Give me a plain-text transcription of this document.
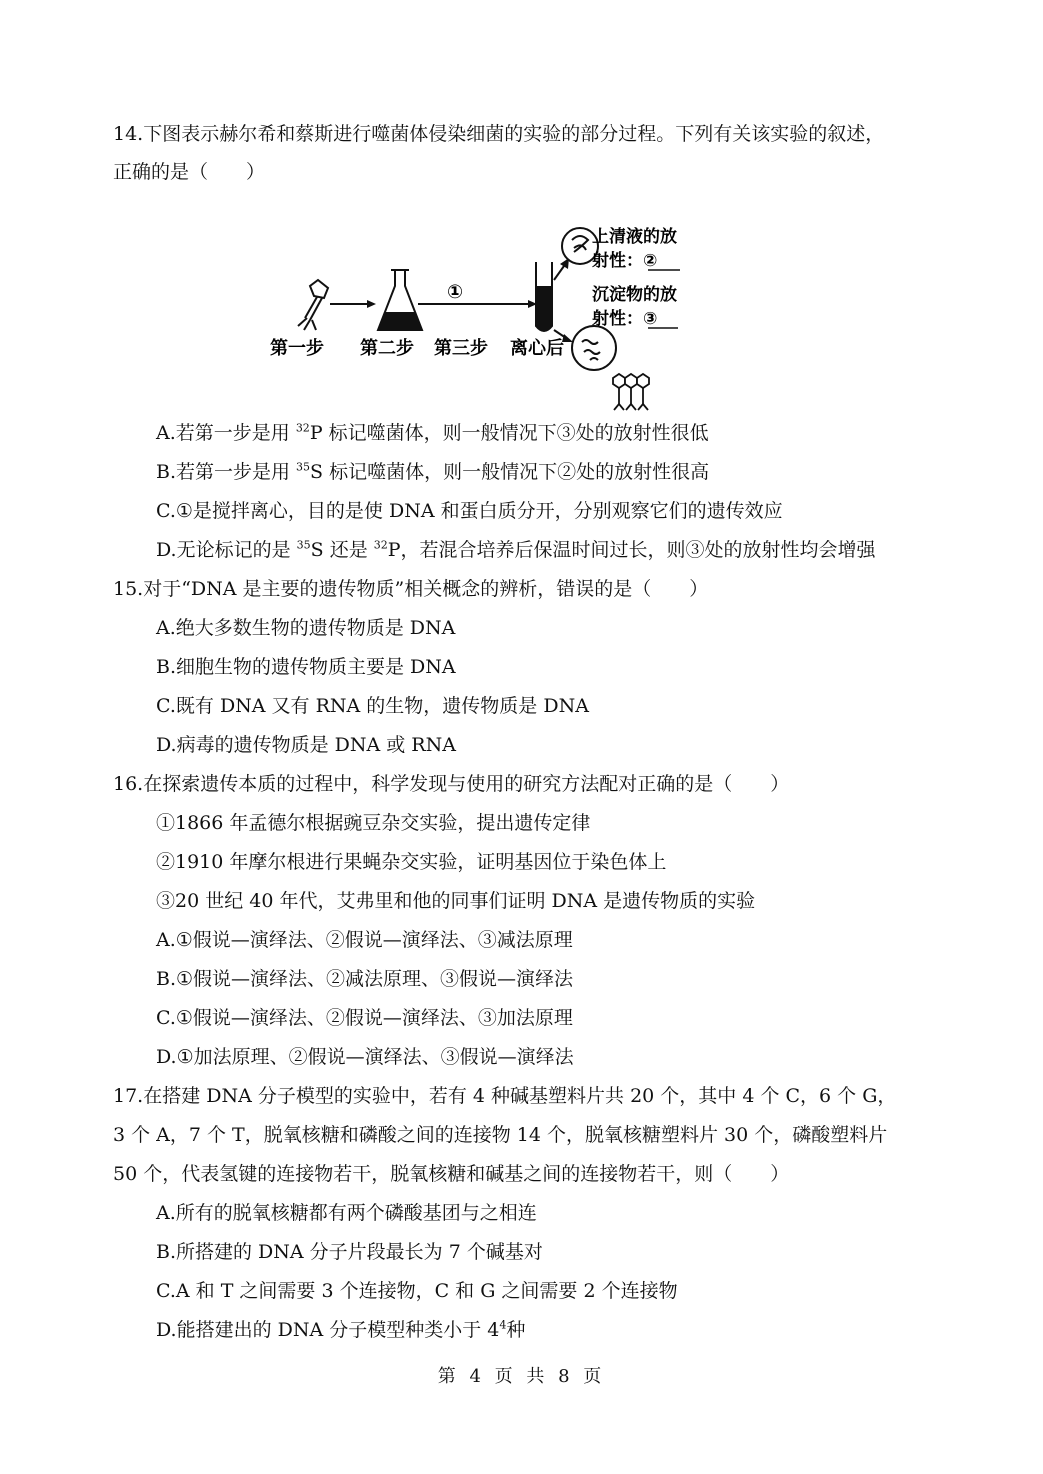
14.下图表示赫尔希和蔡斯进行噬菌体侵染细菌的实验的部分过程。下列有关该实验的叙述，
正确的是（　　）
①
第一步 第二步 第三步 离心后
上清液的放
射性：②
沉淀物的放
射性：③
A.若第一步是用 $^{32}$P 标记噬菌体，则一般情况下③处的放射性很低
B.若第一步是用 $^{35}$S 标记噬菌体，则一般情况下②处的放射性很高
C.①是搅拌离心，目的是使 DNA 和蛋白质分开，分别观察它们的遗传效应
D.无论标记的是 $^{35}$S 还是 $^{32}$P，若混合培养后保温时间过长，则③处的放射性均会增强
15.对于“DNA 是主要的遗传物质”相关概念的辨析，错误的是（　　）
A.绝大多数生物的遗传物质是 DNA
B.细胞生物的遗传物质主要是 DNA
C.既有 DNA 又有 RNA 的生物，遗传物质是 DNA
D.病毒的遗传物质是 DNA 或 RNA
16.在探索遗传本质的过程中，科学发现与使用的研究方法配对正确的是（　　）
①1866 年孟德尔根据豌豆杂交实验，提出遗传定律
②1910 年摩尔根进行果蝇杂交实验，证明基因位于染色体上
③20 世纪 40 年代，艾弗里和他的同事们证明 DNA 是遗传物质的实验
A.①假说—演绎法、②假说—演绎法、③减法原理
B.①假说—演绎法、②减法原理、③假说—演绎法
C.①假说—演绎法、②假说—演绎法、③加法原理
D.①加法原理、②假说—演绎法、③假说—演绎法
17.在搭建 DNA 分子模型的实验中，若有 4 种碱基塑料片共 20 个，其中 4 个 C，6 个 G，
3 个 A，7 个 T，脱氧核糖和磷酸之间的连接物 14 个，脱氧核糖塑料片 30 个，磷酸塑料片
50 个，代表氢键的连接物若干，脱氧核糖和碱基之间的连接物若干，则（　　）
A.所有的脱氧核糖都有两个磷酸基团与之相连
B.所搭建的 DNA 分子片段最长为 7 个碱基对
C.A 和 T 之间需要 3 个连接物，C 和 G 之间需要 2 个连接物
D.能搭建出的 DNA 分子模型种类小于 $4^4$种
第 4 页 共 8 页
